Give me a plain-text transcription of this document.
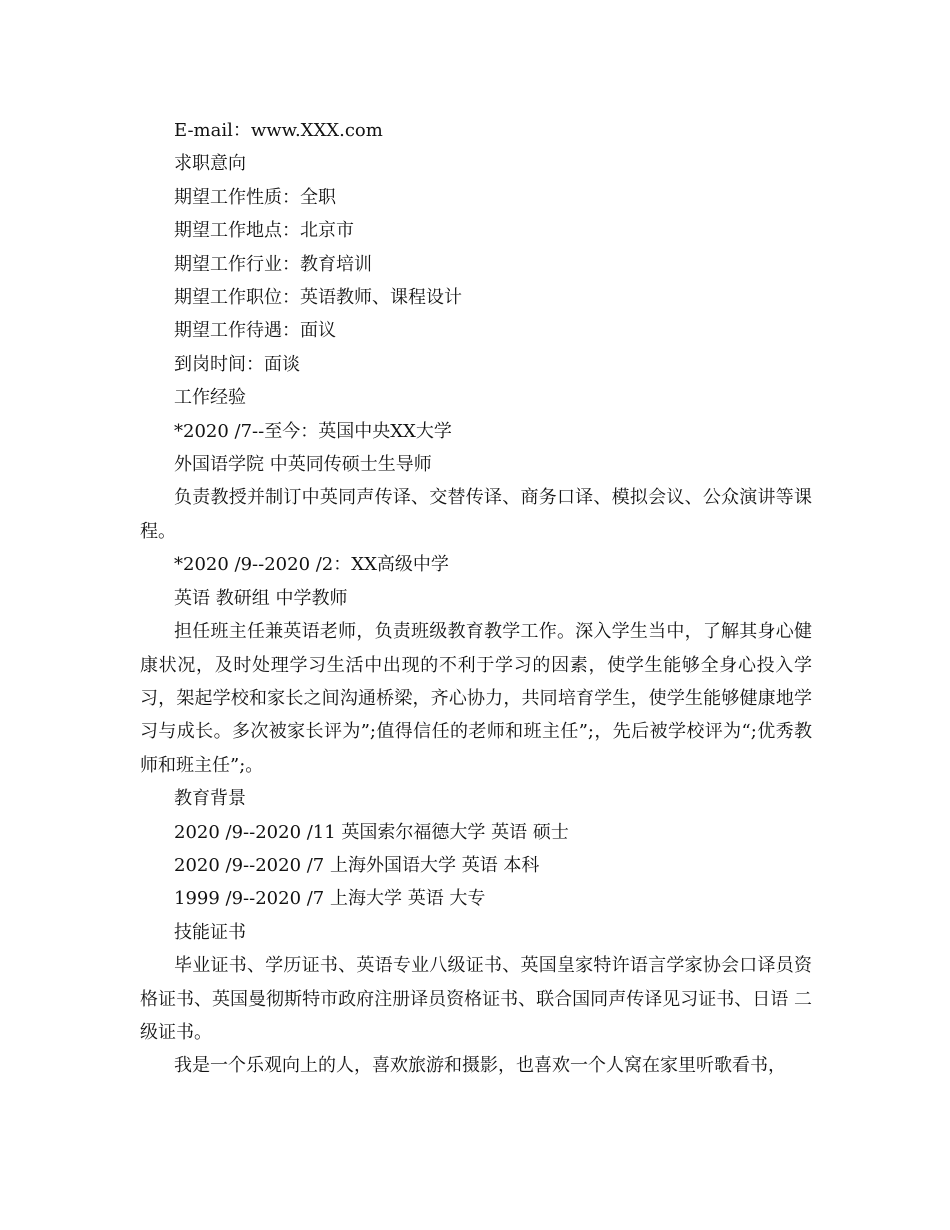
E-mail：www.XXX.com

求职意向

期望工作性质：全职

期望工作地点：北京市

期望工作行业：教育培训

期望工作职位：英语教师、课程设计

期望工作待遇：面议

到岗时间：面谈

工作经验

*2020 /7--至今：英国中央XX大学

外国语学院 中英同传硕士生导师

负责教授并制订中英同声传译、交替传译、商务口译、模拟会议、公众演讲等课程。

*2020 /9--2020 /2：XX高级中学

英语 教研组 中学教师

担任班主任兼英语老师，负责班级教育教学工作。深入学生当中，了解其身心健康状况，及时处理学习生活中出现的不利于学习的因素，使学生能够全身心投入学习，架起学校和家长之间沟通桥梁，齐心协力，共同培育学生，使学生能够健康地学习与成长。多次被家长评为”;值得信任的老师和班主任”;，先后被学校评为“;优秀教师和班主任”;。

教育背景

2020 /9--2020 /11 英国索尔福德大学 英语 硕士

2020 /9--2020 /7 上海外国语大学 英语 本科

1999 /9--2020 /7 上海大学 英语 大专

技能证书

毕业证书、学历证书、英语专业八级证书、英国皇家特许语言学家协会口译员资格证书、英国曼彻斯特市政府注册译员资格证书、联合国同声传译见习证书、日语 二级证书。

我是一个乐观向上的人，喜欢旅游和摄影，也喜欢一个人窝在家里听歌看书，
